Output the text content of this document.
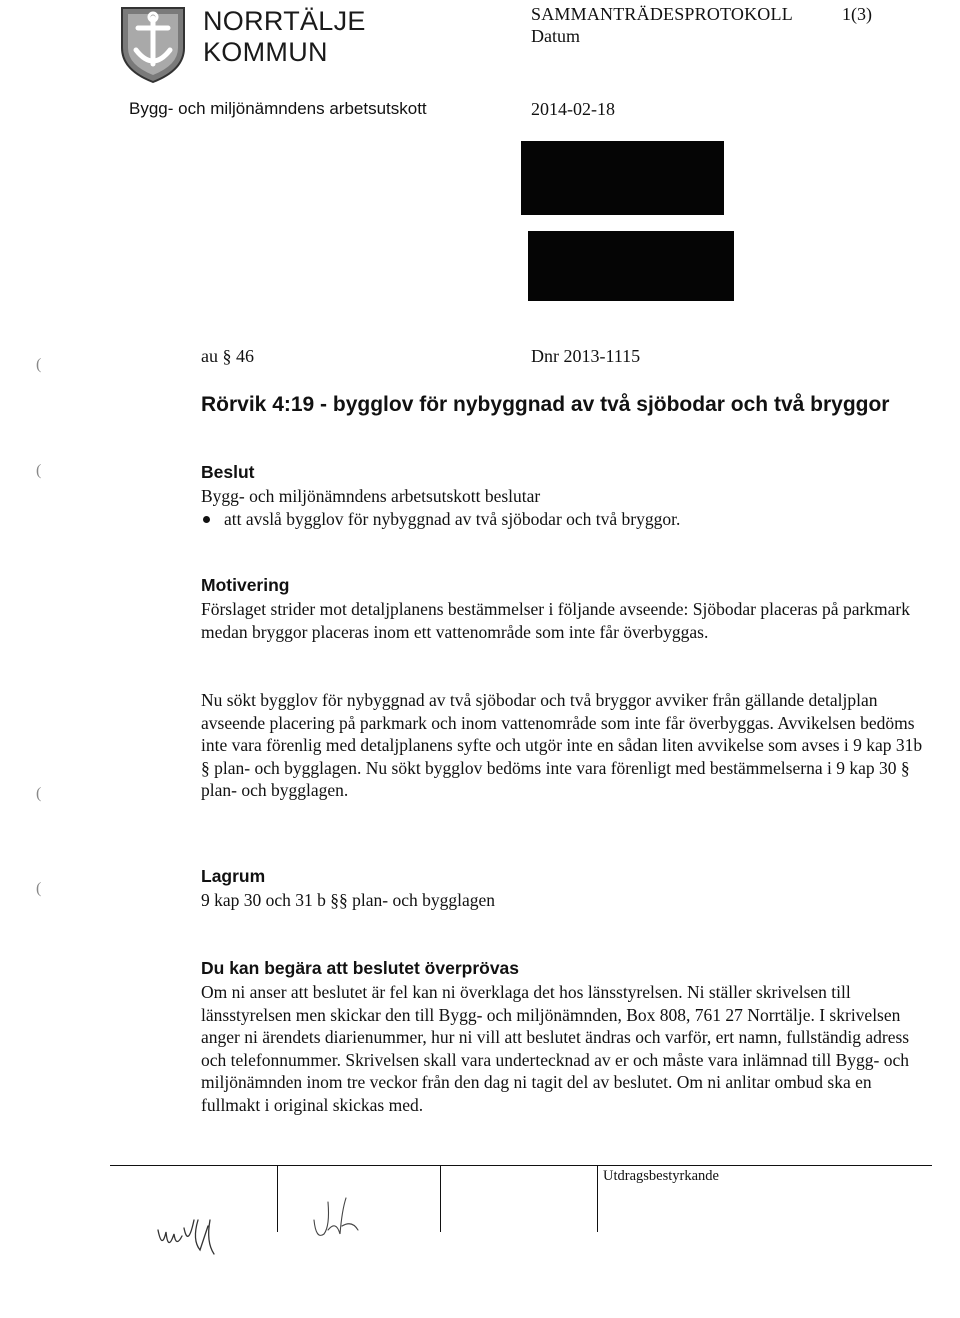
NORRTÄLJE
KOMMUN
Bygg- och miljönämndens arbetsutskott
SAMMANTRÄDESPROTOKOLL	1(3)
Datum
2014-02-18
(
(
(
(
au § 46	Dnr 2013-1115
Rörvik 4:19 - bygglov för nybyggnad av två sjöbodar och två bryggor
Beslut
Bygg- och miljönämndens arbetsutskott beslutar
att avslå bygglov för nybyggnad av två sjöbodar och två bryggor.
Motivering
Förslaget strider mot detaljplanens bestämmelser i följande avseende: Sjöbodar placeras på parkmark medan bryggor placeras inom ett vattenområde som inte får överbyggas.
Nu sökt bygglov för nybyggnad av två sjöbodar och två bryggor avviker från gällande detaljplan avseende placering på parkmark och inom vattenområde som inte får överbyggas. Avvikelsen bedöms inte vara förenlig med detaljplanens syfte och utgör inte en sådan liten avvikelse som avses i 9 kap 31b § plan- och bygglagen. Nu sökt bygglov bedöms inte vara förenligt med bestämmelserna i 9 kap 30 § plan- och bygglagen.
Lagrum
9 kap 30 och 31 b §§ plan- och bygglagen
Du kan begära att beslutet överprövas
Om ni anser att beslutet är fel kan ni överklaga det hos länsstyrelsen. Ni ställer skrivelsen till länsstyrelsen men skickar den till Bygg- och miljönämnden, Box 808, 761 27 Norrtälje. I skrivelsen anger ni ärendets diarienummer, hur ni vill att beslutet ändras och varför, ert namn, fullständig adress och telefonnummer. Skrivelsen skall vara undertecknad av er och måste vara inlämnad till Bygg- och miljönämnden inom tre veckor från den dag ni tagit del av beslutet. Om ni anlitar ombud ska en fullmakt i original skickas med.
Utdragsbestyrkande
